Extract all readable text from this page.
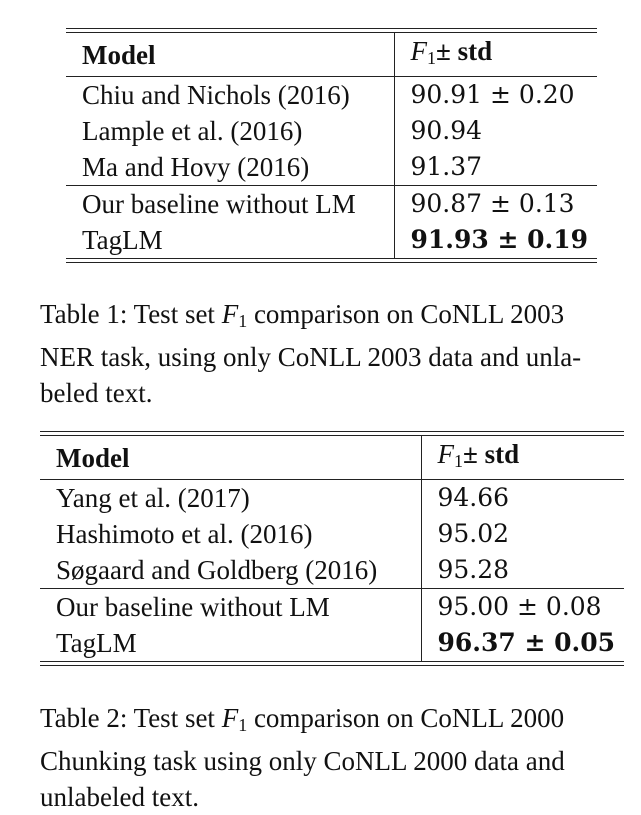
Model	$F_1\pm$ std
Chiu and Nichols (2016)	90.91 ± 0.20
Lample et al. (2016)	90.94
Ma and Hovy (2016)	91.37
Our baseline without LM	90.87 ± 0.13
TagLM	91.93 ± 0.19
Table 1: Test set $F_1$ comparison on CoNLL 2003
NER task, using only CoNLL 2003 data and unla-
beled text.
Model	$F_1\pm$ std
Yang et al. (2017)	94.66
Hashimoto et al. (2016)	95.02
Søgaard and Goldberg (2016)	95.28
Our baseline without LM	95.00 ± 0.08
TagLM	96.37 ± 0.05
Table 2: Test set $F_1$ comparison on CoNLL 2000
Chunking task using only CoNLL 2000 data and
unlabeled text.
